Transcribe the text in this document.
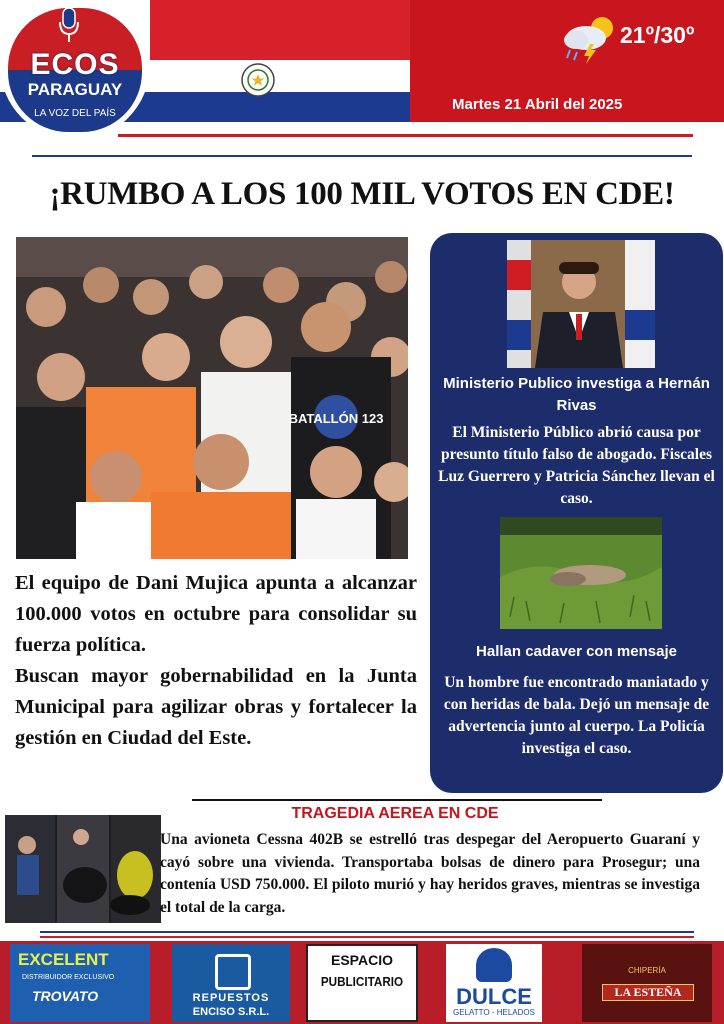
ECOS
PARAGUAY
LA VOZ DEL PAÍS
21º/30º
Martes 21 Abril del 2025
¡RUMBO A LOS 100 MIL VOTOS EN CDE!
BATALLÓN 123

El equipo de Dani Mujica apunta a alcanzar 100.000 votos en octubre para consolidar su fuerza política.

Buscan mayor gobernabilidad en la Junta Municipal para agilizar obras y fortalecer la gestión en Ciudad del Este.

Ministerio Publico investiga a Hernán Rivas
El Ministerio Público abrió causa por presunto título falso de abogado. Fiscales Luz Guerrero y Patricia Sánchez llevan el caso.
Hallan cadaver con mensaje
Un hombre fue encontrado maniatado y con heridas de bala. Dejó un mensaje de advertencia junto al cuerpo. La Policía investiga el caso.
TRAGEDIA AEREA EN CDE
Una avioneta Cessna 402B se estrelló tras despegar del Aeropuerto Guaraní y cayó sobre una vivienda. Transportaba bolsas de dinero para Prosegur; una contenía USD 750.000. El piloto murió y hay heridos graves, mientras se investiga el total de la carga.
EXCELENT
DISTRIBUIDOR EXCLUSIVO
TROVATO	REPUESTOS
ENCISO S.R.L.
ESPACIO
PUBLICITARIO
DULCE
GELATTO - HELADOS
CHIPERÍA
LA ESTEÑA
